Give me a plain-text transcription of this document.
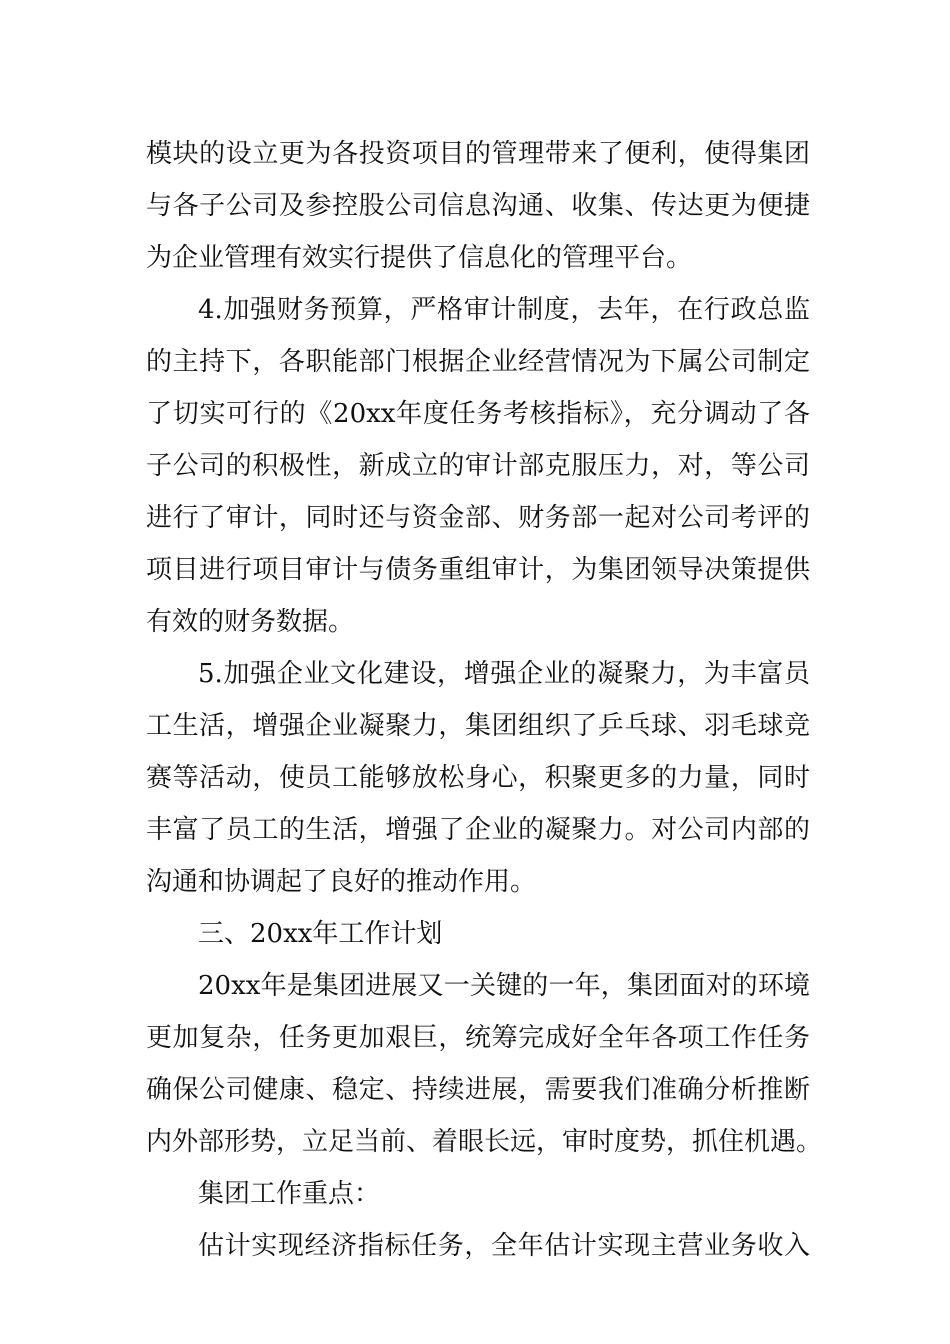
模块的设立更为各投资项目的管理带来了便利，使得集团
与各子公司及参控股公司信息沟通、收集、传达更为便捷
为企业管理有效实行提供了信息化的管理平台。
4.加强财务预算，严格审计制度，去年，在行政总监
的主持下，各职能部门根据企业经营情况为下属公司制定
了切实可行的《20xx年度任务考核指标》，充分调动了各
子公司的积极性，新成立的审计部克服压力，对，等公司
进行了审计，同时还与资金部、财务部一起对公司考评的
项目进行项目审计与债务重组审计，为集团领导决策提供
有效的财务数据。
5.加强企业文化建设，增强企业的凝聚力，为丰富员
工生活，增强企业凝聚力，集团组织了乒乓球、羽毛球竞
赛等活动，使员工能够放松身心，积聚更多的力量，同时
丰富了员工的生活，增强了企业的凝聚力。对公司内部的
沟通和协调起了良好的推动作用。
三、20xx年工作计划
20xx年是集团进展又一关键的一年，集团面对的环境
更加复杂，任务更加艰巨，统筹完成好全年各项工作任务
确保公司健康、稳定、持续进展，需要我们准确分析推断
内外部形势，立足当前、着眼长远，审时度势，抓住机遇。
集团工作重点：
估计实现经济指标任务，全年估计实现主营业务收入
